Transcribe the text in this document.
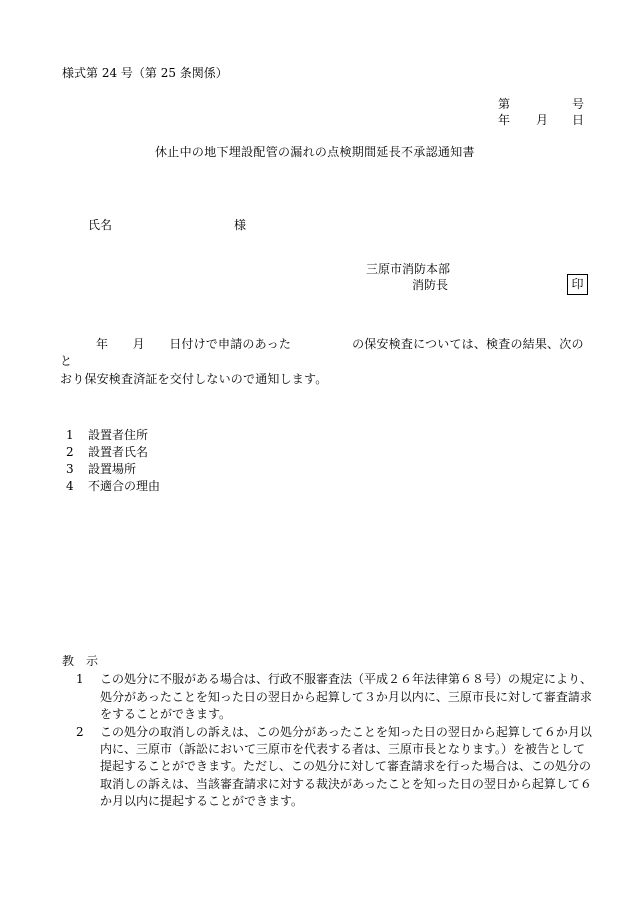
様式第 24 号（第 25 条関係）
第	号
年 月 日
休止中の地下埋設配管の漏れの点検期間延長不承認通知書
氏名	様
三原市消防本部
消防長	印

年　　月　　日付けで申請のあった　　　　　の保安検査については、検査の結果、次のと

おり保安検査済証を交付しないので通知します。

1	設置者住所
2	設置者氏名
3	設置場所
4	不適合の理由
教　示
1	この処分に不服がある場合は、行政不服審査法（平成２６年法律第６８号）の規定により、処分があったことを知った日の翌日から起算して３か月以内に、三原市長に対して審査請求をすることができます。
2	この処分の取消しの訴えは、この処分があったことを知った日の翌日から起算して６か月以内に、三原市（訴訟において三原市を代表する者は、三原市長となります。）を被告として提起することができます。ただし、この処分に対して審査請求を行った場合は、この処分の取消しの訴えは、当該審査請求に対する裁決があったことを知った日の翌日から起算して６か月以内に提起することができます。
